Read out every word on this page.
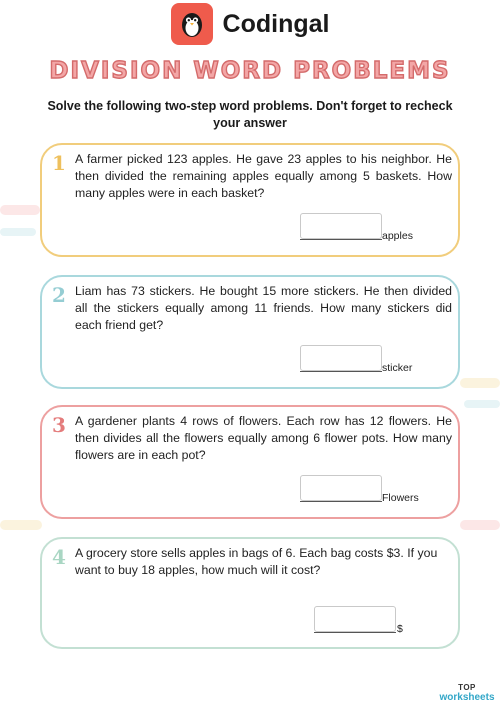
Codingal
DIVISION WORD PROBLEMS
Solve the following two-step word problems. Don't forget to recheck your answer
1 A farmer picked 123 apples. He gave 23 apples to his neighbor. He then divided the remaining apples equally among 5 baskets. How many apples were in each basket?

apples
2 Liam has 73 stickers. He bought 15 more stickers. He then divided all the stickers equally among 11 friends. How many stickers did each friend get?

sticker
3 A gardener plants 4 rows of flowers. Each row has 12 flowers. He then divides all the flowers equally among 6 flower pots. How many flowers are in each pot?

Flowers
4 A grocery store sells apples in bags of 6. Each bag costs $3. If you want to buy 18 apples, how much will it cost?

$
TOP
worksheets
